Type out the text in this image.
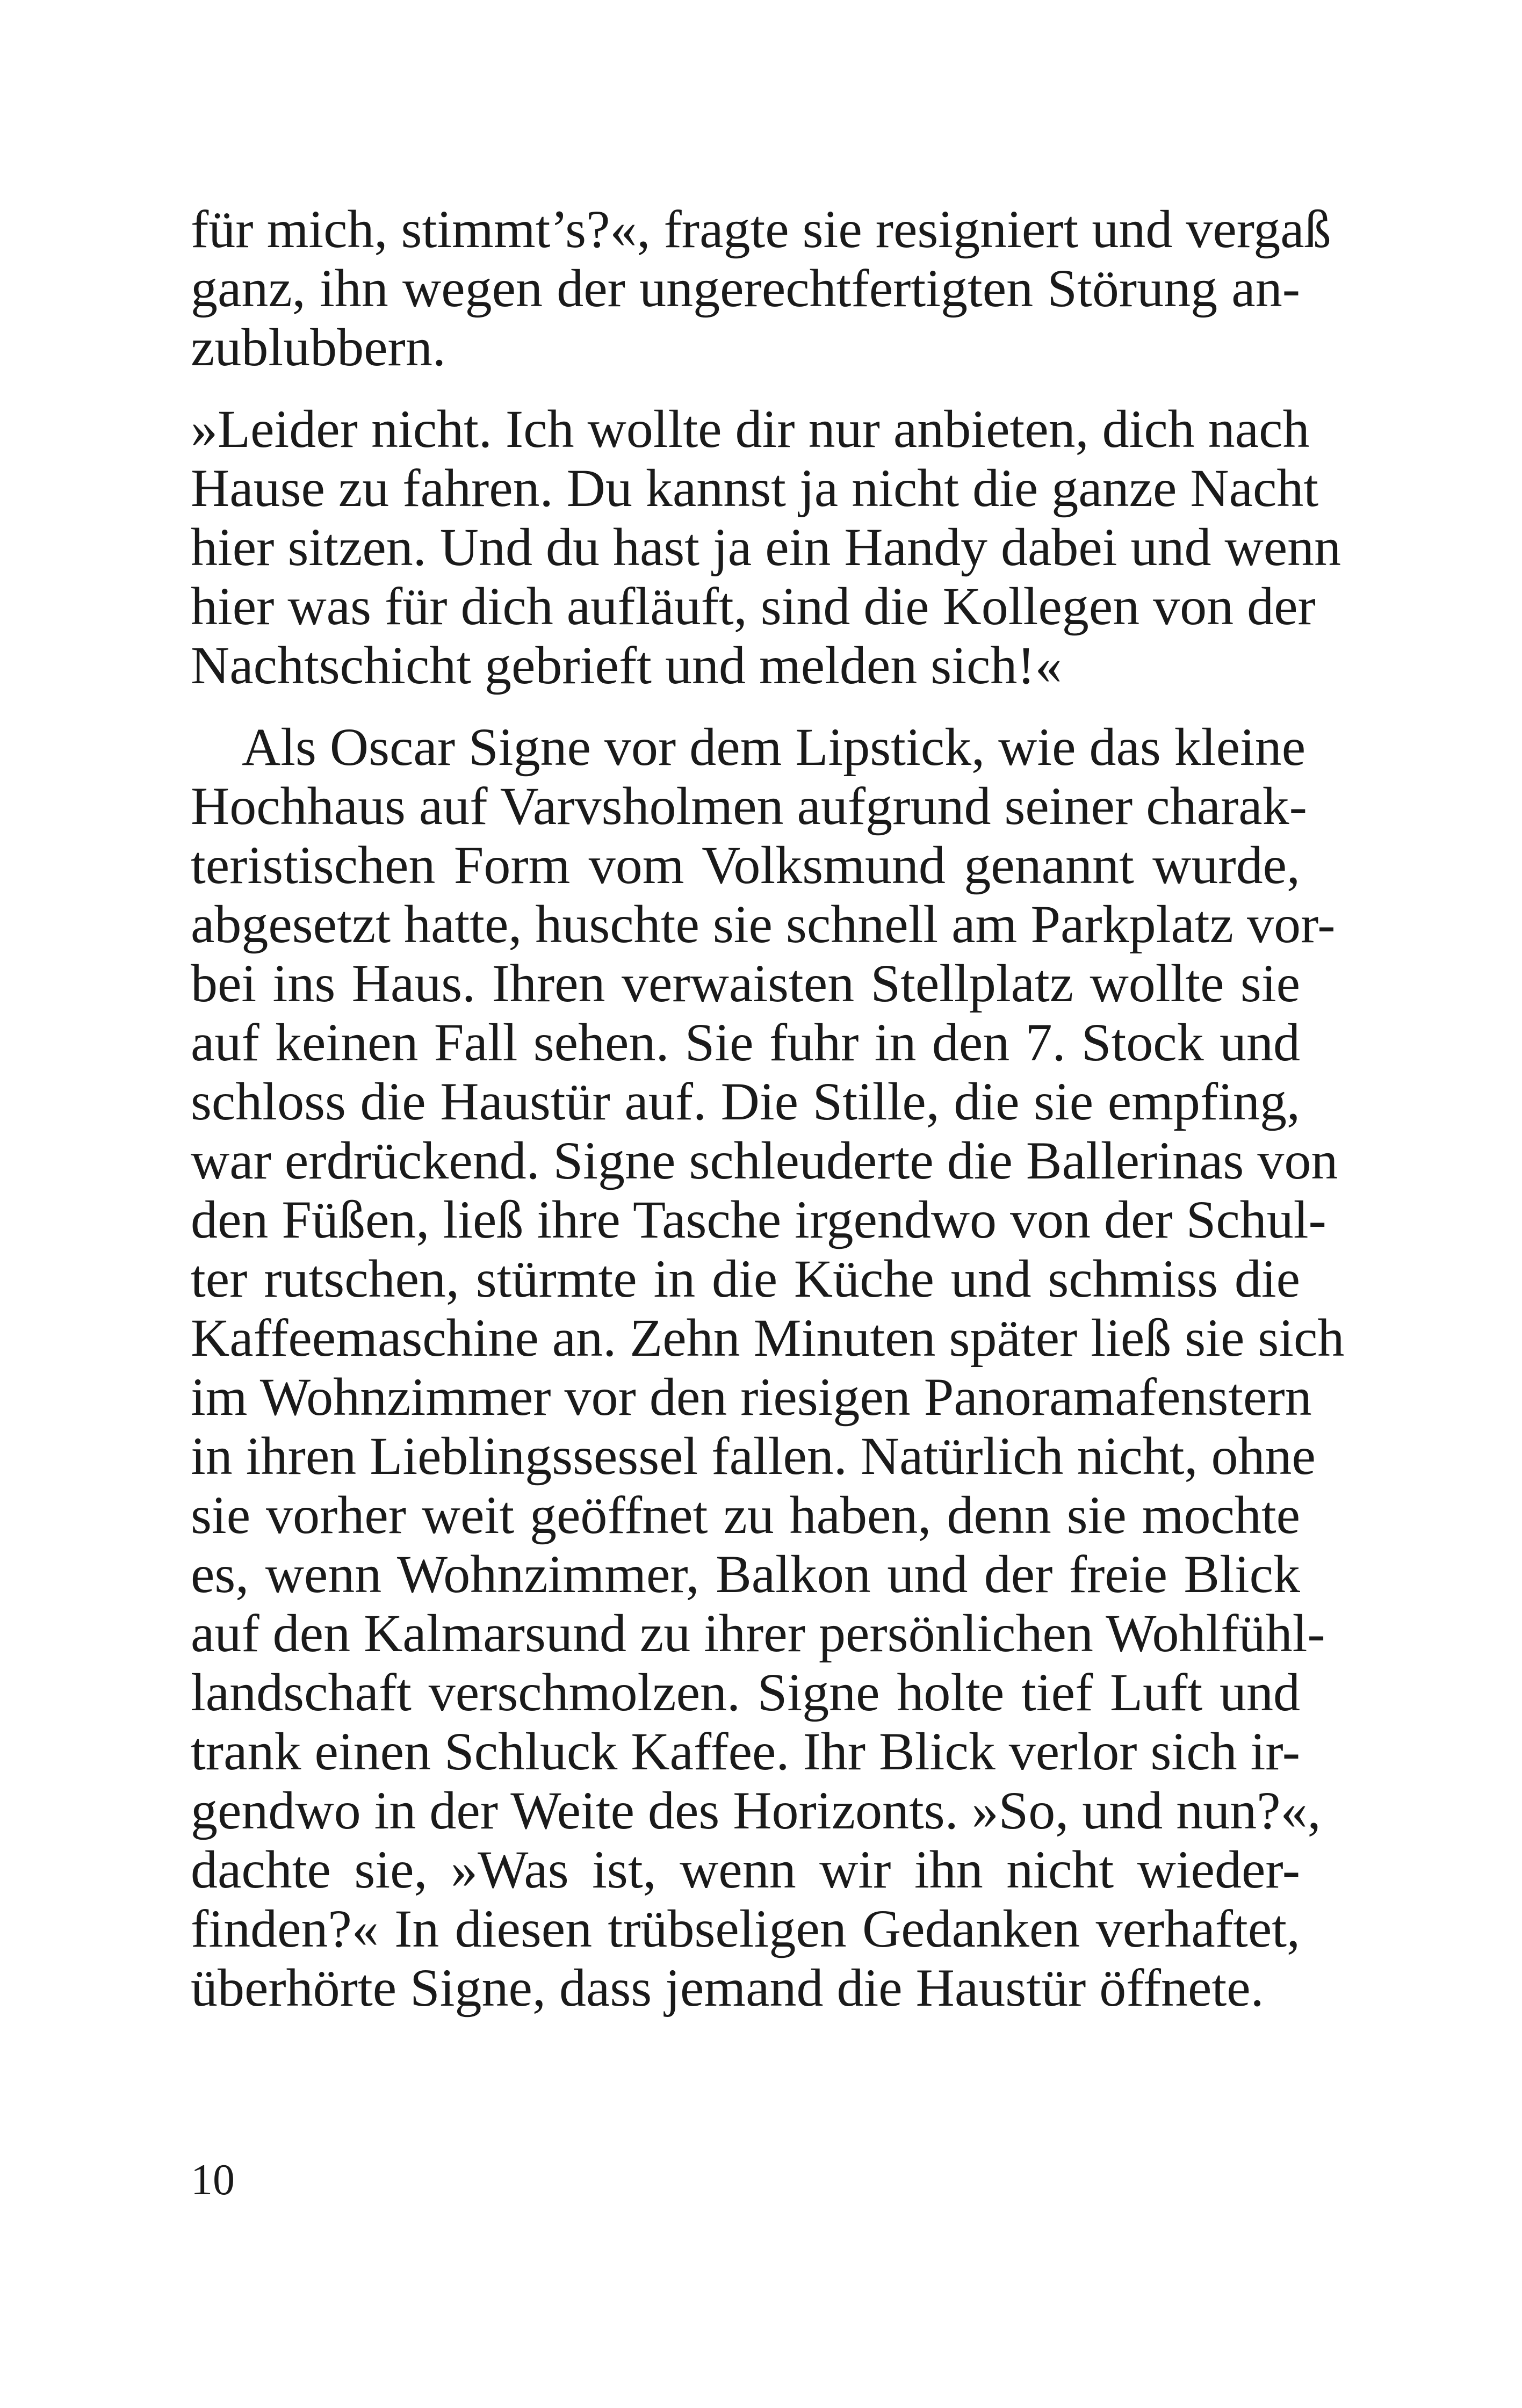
für mich, stimmt’s?«, fragte sie resigniert und vergaß
ganz, ihn wegen der ungerechtfertigten Störung an-
zublubbern.

»Leider nicht. Ich wollte dir nur anbieten, dich nach
Hause zu fahren. Du kannst ja nicht die ganze Nacht
hier sitzen. Und du hast ja ein Handy dabei und wenn
hier was für dich aufläuft, sind die Kollegen von der
Nachtschicht gebrieft und melden sich!«

Als Oscar Signe vor dem Lipstick, wie das kleine
Hochhaus auf Varvsholmen aufgrund seiner charak-
teristischen Form vom Volksmund genannt wurde,
abgesetzt hatte, huschte sie schnell am Parkplatz vor-
bei ins Haus. Ihren verwaisten Stellplatz wollte sie
auf keinen Fall sehen. Sie fuhr in den 7. Stock und
schloss die Haustür auf. Die Stille, die sie empfing,
war erdrückend. Signe schleuderte die Ballerinas von
den Füßen, ließ ihre Tasche irgendwo von der Schul-
ter rutschen, stürmte in die Küche und schmiss die
Kaffeemaschine an. Zehn Minuten später ließ sie sich
im Wohnzimmer vor den riesigen Panoramafenstern
in ihren Lieblingssessel fallen. Natürlich nicht, ohne
sie vorher weit geöffnet zu haben, denn sie mochte
es, wenn Wohnzimmer, Balkon und der freie Blick
auf den Kalmarsund zu ihrer persönlichen Wohlfühl-
landschaft verschmolzen. Signe holte tief Luft und
trank einen Schluck Kaffee. Ihr Blick verlor sich ir-
gendwo in der Weite des Horizonts. »So, und nun?«,
dachte sie, »Was ist, wenn wir ihn nicht wieder-
finden?« In diesen trübseligen Gedanken verhaftet,
überhörte Signe, dass jemand die Haustür öffnete.

10
